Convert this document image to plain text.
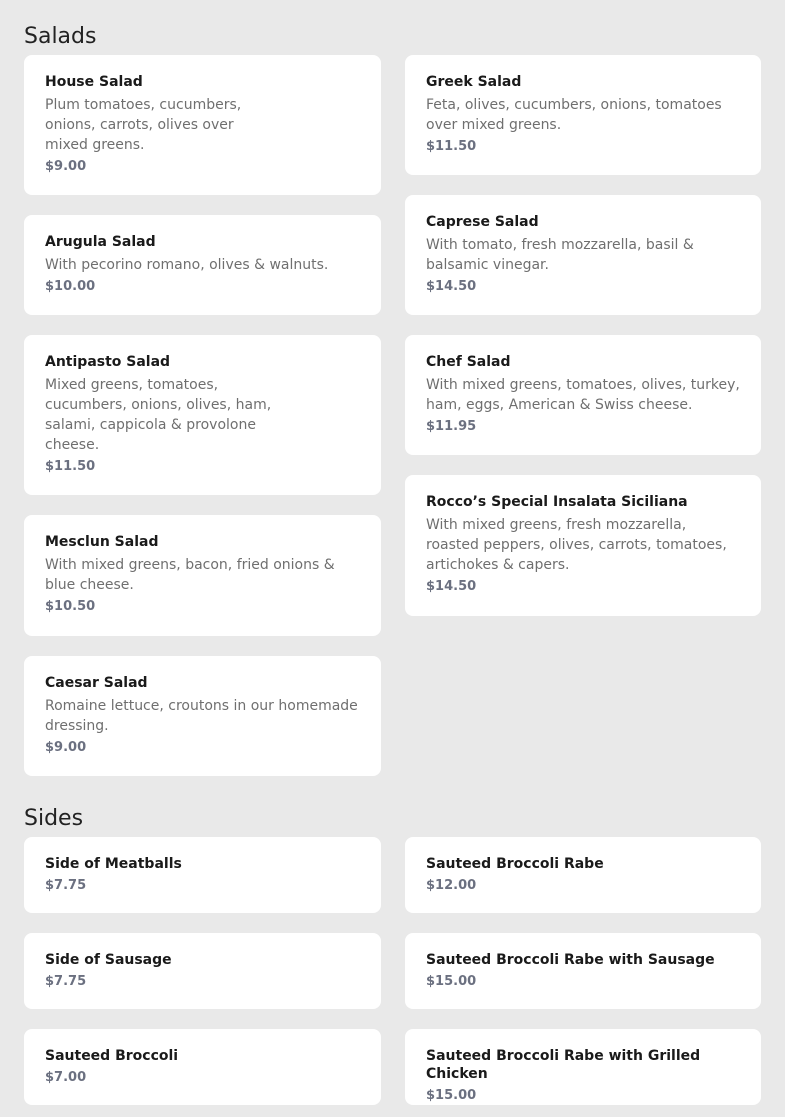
Salads

House Salad

Plum tomatoes, cucumbers, onions, carrots, olives over mixed greens.

$9.00

Greek Salad

Feta, olives, cucumbers, onions, tomatoes over mixed greens.

$11.50

Arugula Salad

With pecorino romano, olives & walnuts.

$10.00

Caprese Salad

With tomato, fresh mozzarella, basil & balsamic vinegar.

$14.50

Antipasto Salad

Mixed greens, tomatoes, cucumbers, onions, olives, ham, salami, cappicola & provolone cheese.

$11.50

Chef Salad

With mixed greens, tomatoes, olives, turkey, ham, eggs, American & Swiss cheese.

$11.95

Mesclun Salad

With mixed greens, bacon, fried onions & blue cheese.

$10.50

Rocco’s Special Insalata Siciliana

With mixed greens, fresh mozzarella, roasted peppers, olives, carrots, tomatoes, artichokes & capers.

$14.50

Caesar Salad

Romaine lettuce, croutons in our homemade dressing.

$9.00

Sides

Side of Meatballs

$7.75

Sauteed Broccoli Rabe

$12.00

Side of Sausage

$7.75

Sauteed Broccoli Rabe with Sausage

$15.00

Sauteed Broccoli

$7.00

Sauteed Broccoli Rabe with Grilled Chicken

$15.00
